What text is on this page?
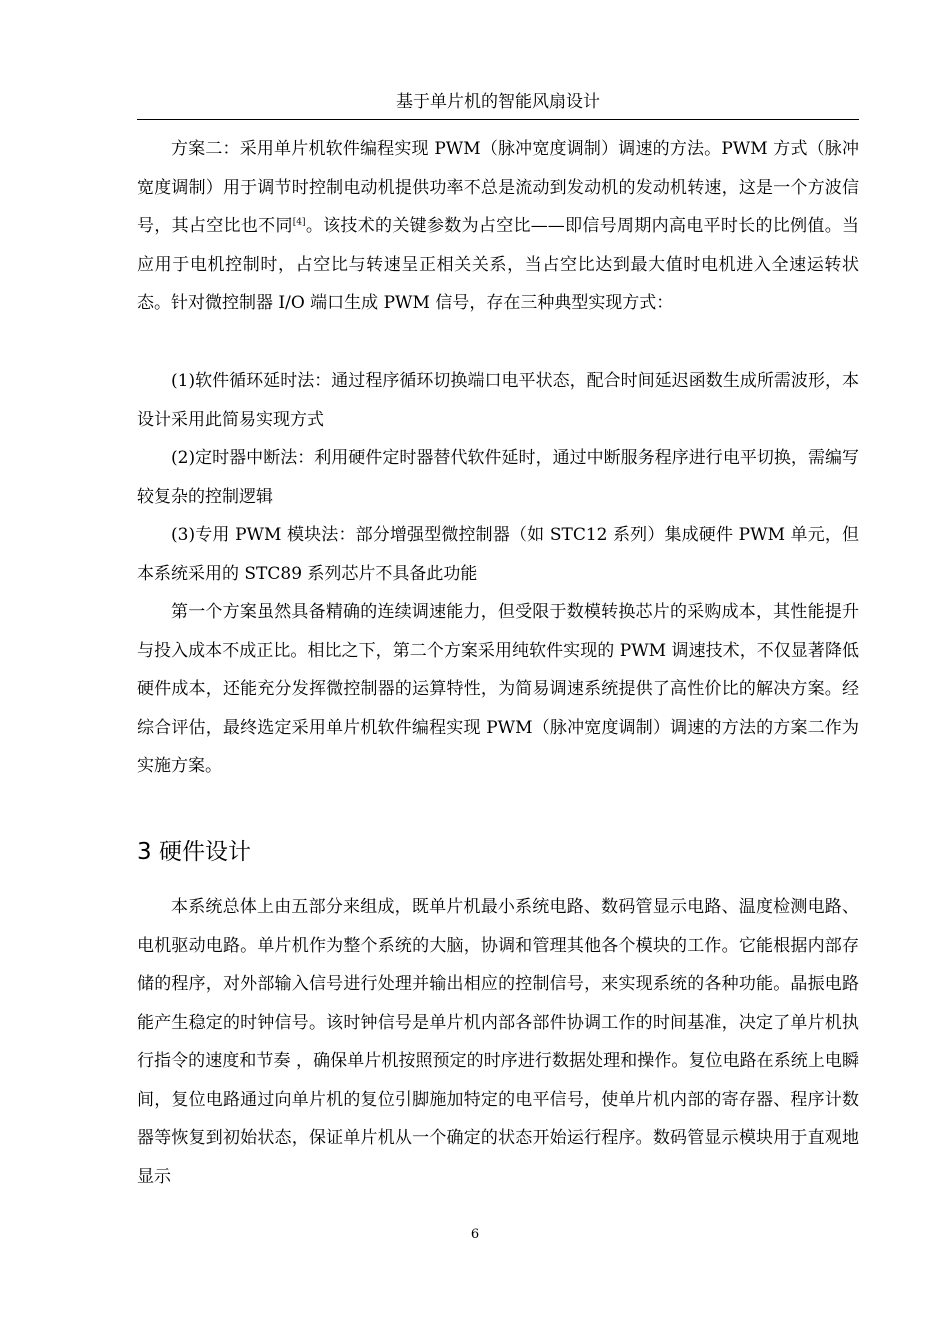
基于单片机的智能风扇设计

方案二：采用单片机软件编程实现 PWM（脉冲宽度调制）调速的方法。PWM 方式（脉冲宽度调制）用于调节时控制电动机提供功率不总是流动到发动机的发动机转速，这是一个方波信号，其占空比也不同[4]。该技术的关键参数为占空比——即信号周期内高电平时长的比例值。当应用于电机控制时，占空比与转速呈正相关关系，当占空比达到最大值时电机进入全速运转状态。针对微控制器 I/O 端口生成 PWM 信号，存在三种典型实现方式：

(1)软件循环延时法：通过程序循环切换端口电平状态，配合时间延迟函数生成所需波形，本设计采用此简易实现方式

(2)定时器中断法：利用硬件定时器替代软件延时，通过中断服务程序进行电平切换，需编写较复杂的控制逻辑

(3)专用 PWM 模块法：部分增强型微控制器（如 STC12 系列）集成硬件 PWM 单元，但本系统采用的 STC89 系列芯片不具备此功能

第一个方案虽然具备精确的连续调速能力，但受限于数模转换芯片的采购成本，其性能提升与投入成本不成正比。相比之下，第二个方案采用纯软件实现的 PWM 调速技术，不仅显著降低硬件成本，还能充分发挥微控制器的运算特性，为简易调速系统提供了高性价比的解决方案。经综合评估，最终选定采用单片机软件编程实现 PWM（脉冲宽度调制）调速的方法的方案二作为实施方案。

3 硬件设计

本系统总体上由五部分来组成，既单片机最小系统电路、数码管显示电路、温度检测电路、电机驱动电路。单片机作为整个系统的大脑，协调和管理其他各个模块的工作。它能根据内部存储的程序，对外部输入信号进行处理并输出相应的控制信号，来实现系统的各种功能。晶振电路能产生稳定的时钟信号。该时钟信号是单片机内部各部件协调工作的时间基准，决定了单片机执行指令的速度和节奏 ，确保单片机按照预定的时序进行数据处理和操作。复位电路在系统上电瞬间，复位电路通过向单片机的复位引脚施加特定的电平信号，使单片机内部的寄存器、程序计数器等恢复到初始状态，保证单片机从一个确定的状态开始运行程序。数码管显示模块用于直观地显示

6
